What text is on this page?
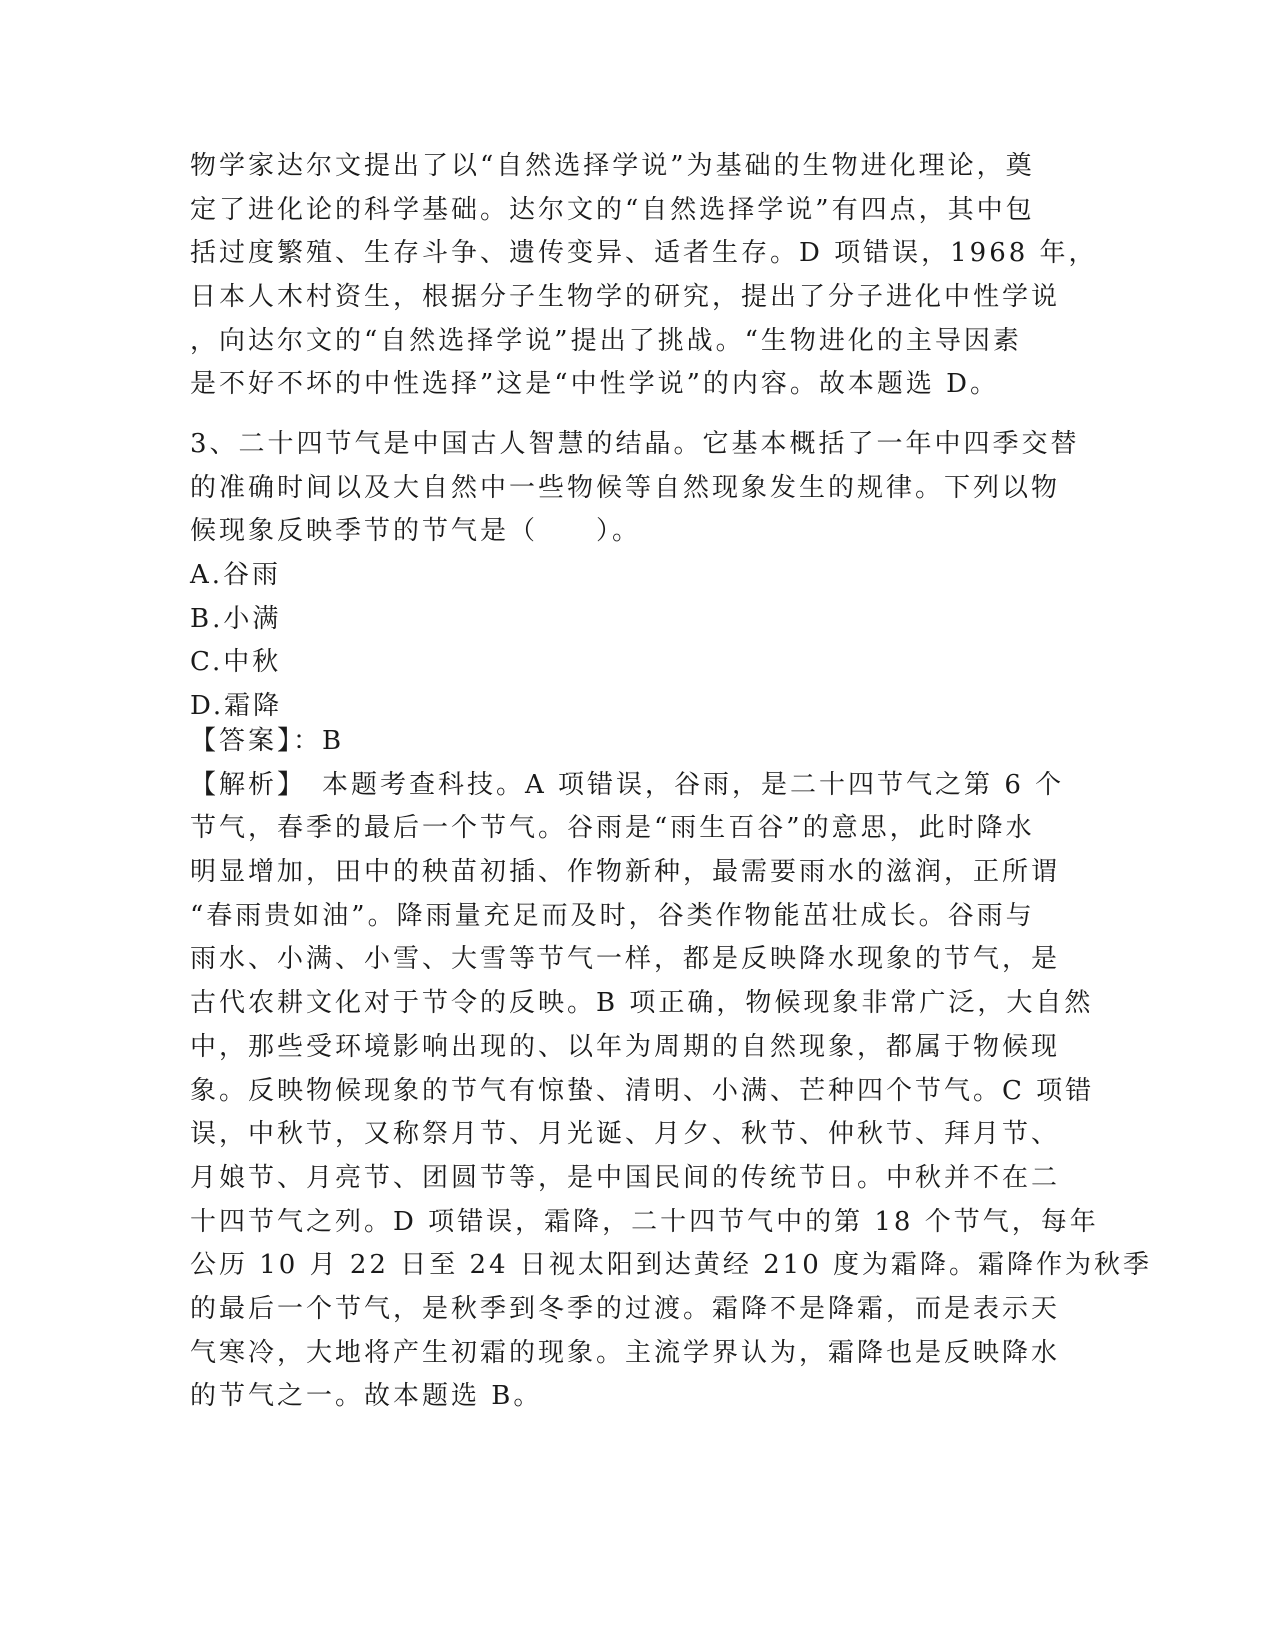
物学家达尔文提出了以“自然选择学说”为基础的生物进化理论，奠
定了进化论的科学基础。达尔文的“自然选择学说”有四点，其中包
括过度繁殖、生存斗争、遗传变异、适者生存。D 项错误，1968 年，
日本人木村资生，根据分子生物学的研究，提出了分子进化中性学说
，向达尔文的“自然选择学说”提出了挑战。“生物进化的主导因素
是不好不坏的中性选择”这是“中性学说”的内容。故本题选 D。
3、二十四节气是中国古人智慧的结晶。它基本概括了一年中四季交替
的准确时间以及大自然中一些物候等自然现象发生的规律。下列以物
候现象反映季节的节气是（　　）。
A.谷雨
B.小满
C.中秋
D.霜降
【答案】：B
【解析】　本题考查科技。A 项错误，谷雨，是二十四节气之第 6 个
节气，春季的最后一个节气。谷雨是“雨生百谷”的意思，此时降水
明显增加，田中的秧苗初插、作物新种，最需要雨水的滋润，正所谓
“春雨贵如油”。降雨量充足而及时，谷类作物能茁壮成长。谷雨与
雨水、小满、小雪、大雪等节气一样，都是反映降水现象的节气，是
古代农耕文化对于节令的反映。B 项正确，物候现象非常广泛，大自然
中，那些受环境影响出现的、以年为周期的自然现象，都属于物候现
象。反映物候现象的节气有惊蛰、清明、小满、芒种四个节气。C 项错
误，中秋节，又称祭月节、月光诞、月夕、秋节、仲秋节、拜月节、
月娘节、月亮节、团圆节等，是中国民间的传统节日。中秋并不在二
十四节气之列。D 项错误，霜降，二十四节气中的第 18 个节气，每年
公历 10 月 22 日至 24 日视太阳到达黄经 210 度为霜降。霜降作为秋季
的最后一个节气，是秋季到冬季的过渡。霜降不是降霜，而是表示天
气寒冷，大地将产生初霜的现象。主流学界认为，霜降也是反映降水
的节气之一。故本题选 B。
